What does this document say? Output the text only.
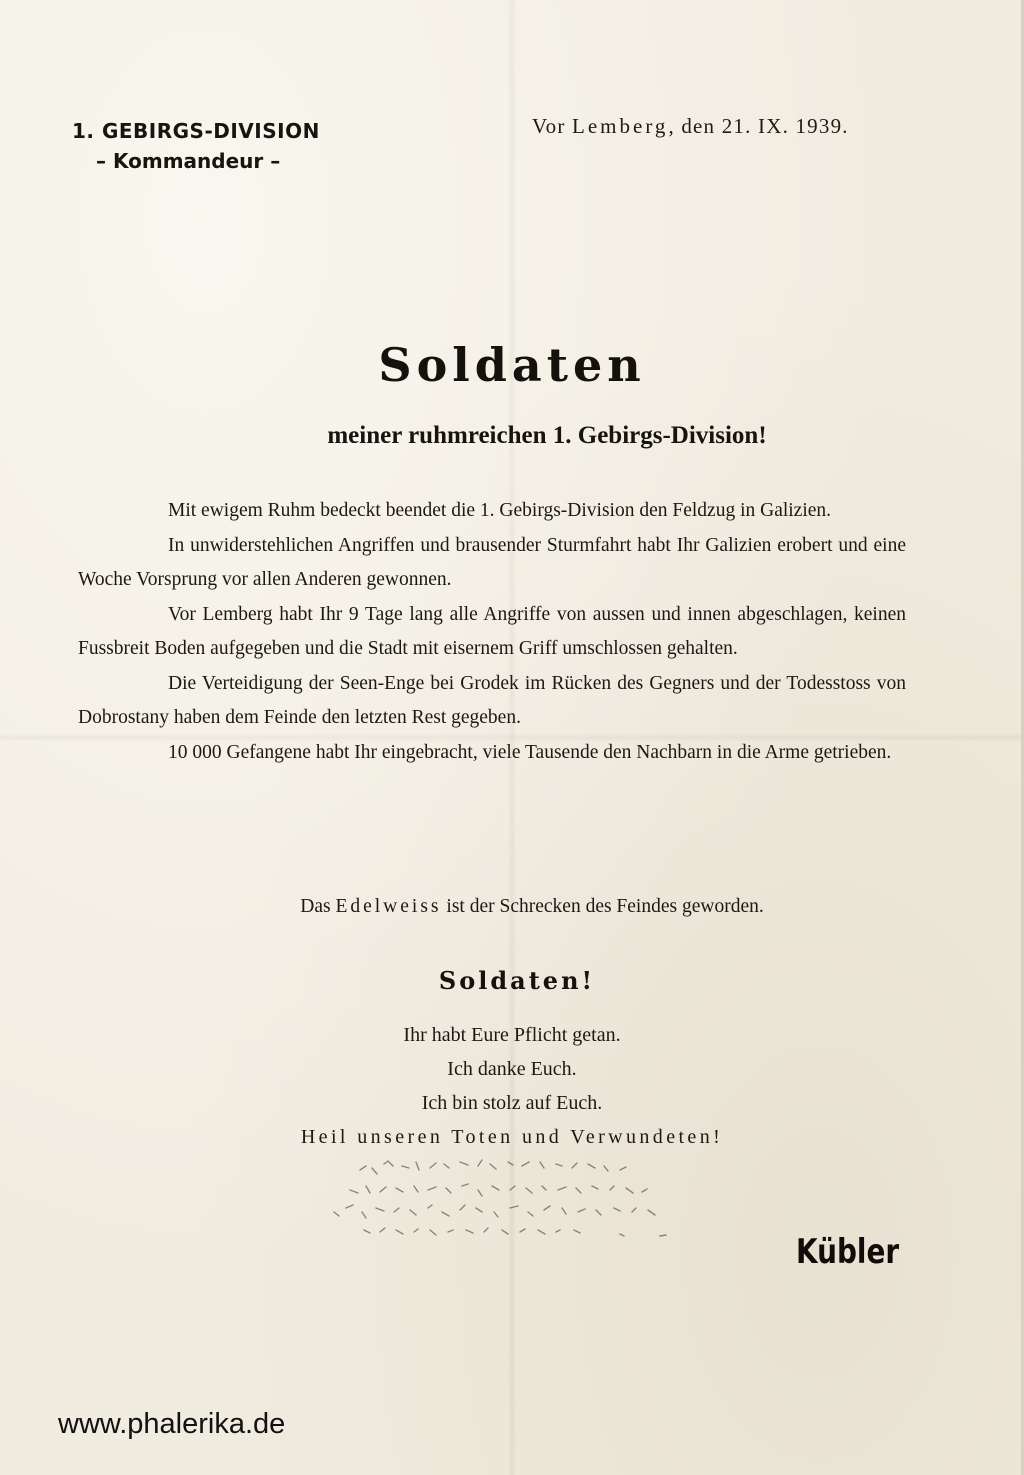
1. GEBIRGS-DIVISION
– Kommandeur –
Vor Lemberg, den 21. IX. 1939.
Soldaten
meiner ruhmreichen 1. Gebirgs-Division!

Mit ewigem Ruhm bedeckt beendet die 1. Gebirgs-Division den Feldzug in Galizien.

In unwiderstehlichen Angriffen und brausender Sturmfahrt habt Ihr Galizien erobert und eine Woche Vorsprung vor allen Anderen gewonnen.

Vor Lemberg habt Ihr 9 Tage lang alle Angriffe von aussen und innen abgeschlagen, keinen Fussbreit Boden aufgegeben und die Stadt mit eisernem Griff umschlossen gehalten.

Die Verteidigung der Seen-Enge bei Grodek im Rücken des Gegners und der Todesstoss von Dobrostany haben dem Feinde den letzten Rest gegeben.

10 000 Gefangene habt Ihr eingebracht, viele Tausende den Nachbarn in die Arme getrieben.

Das Edelweiss ist der Schrecken des Feindes geworden.
Soldaten!
Ihr habt Eure Pflicht getan.
Ich danke Euch.
Ich bin stolz auf Euch.
Heil unseren Toten und Verwundeten!
Kübler
www.phalerika.de
